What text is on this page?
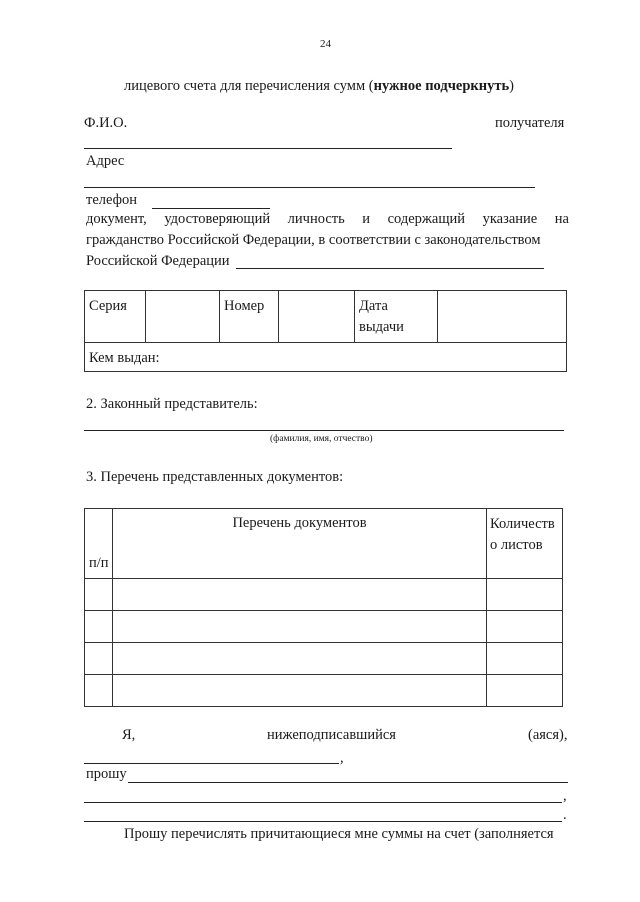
24
лицевого счета для перечисления сумм (нужное подчеркнуть)
Ф.И.О.	получателя
Адрес
телефон
документ, удостоверяющий личность и содержащий указание на
гражданство Российской Федерации, в соответствии с законодательством
Российской Федерации
Серия		Номер		Дата
выдачи

Кем выдан:
2. Законный представитель:
(фамилия, имя, отчество)
3. Перечень представленных документов:
п/п	Перечень документов	Количеств
о листов

Я,	нижеподписавшийся	(аяся),
,
прошу
,
.
Прошу перечислять причитающиеся мне суммы на счет (заполняется
